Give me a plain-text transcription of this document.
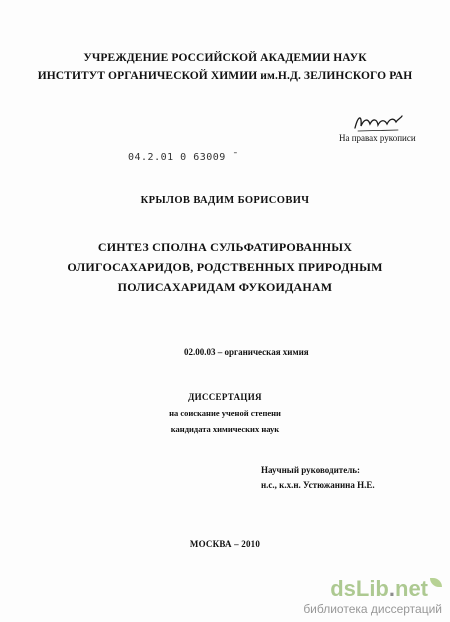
УЧРЕЖДЕНИЕ РОССИЙСКОЙ АКАДЕМИИ НАУК
ИНСТИТУТ ОРГАНИЧЕСКОЙ ХИМИИ им.Н.Д. ЗЕЛИНСКОГО РАН
На правах рукописи
04.2.01 0 63009 ˉ
КРЫЛОВ ВАДИМ БОРИСОВИЧ
СИНТЕЗ СПОЛНА СУЛЬФАТИРОВАННЫХ
ОЛИГОСАХАРИДОВ, РОДСТВЕННЫХ ПРИРОДНЫМ
ПОЛИСАХАРИДАМ ФУКОИДАНАМ
02.00.03 – органическая химия
ДИССЕРТАЦИЯ
на соискание ученой степени
кандидата химических наук
Научный руководитель:
н.с., к.х.н. Устюжанина Н.Е.
МОСКВА – 2010
dsLib.net
библиотека диссертаций
